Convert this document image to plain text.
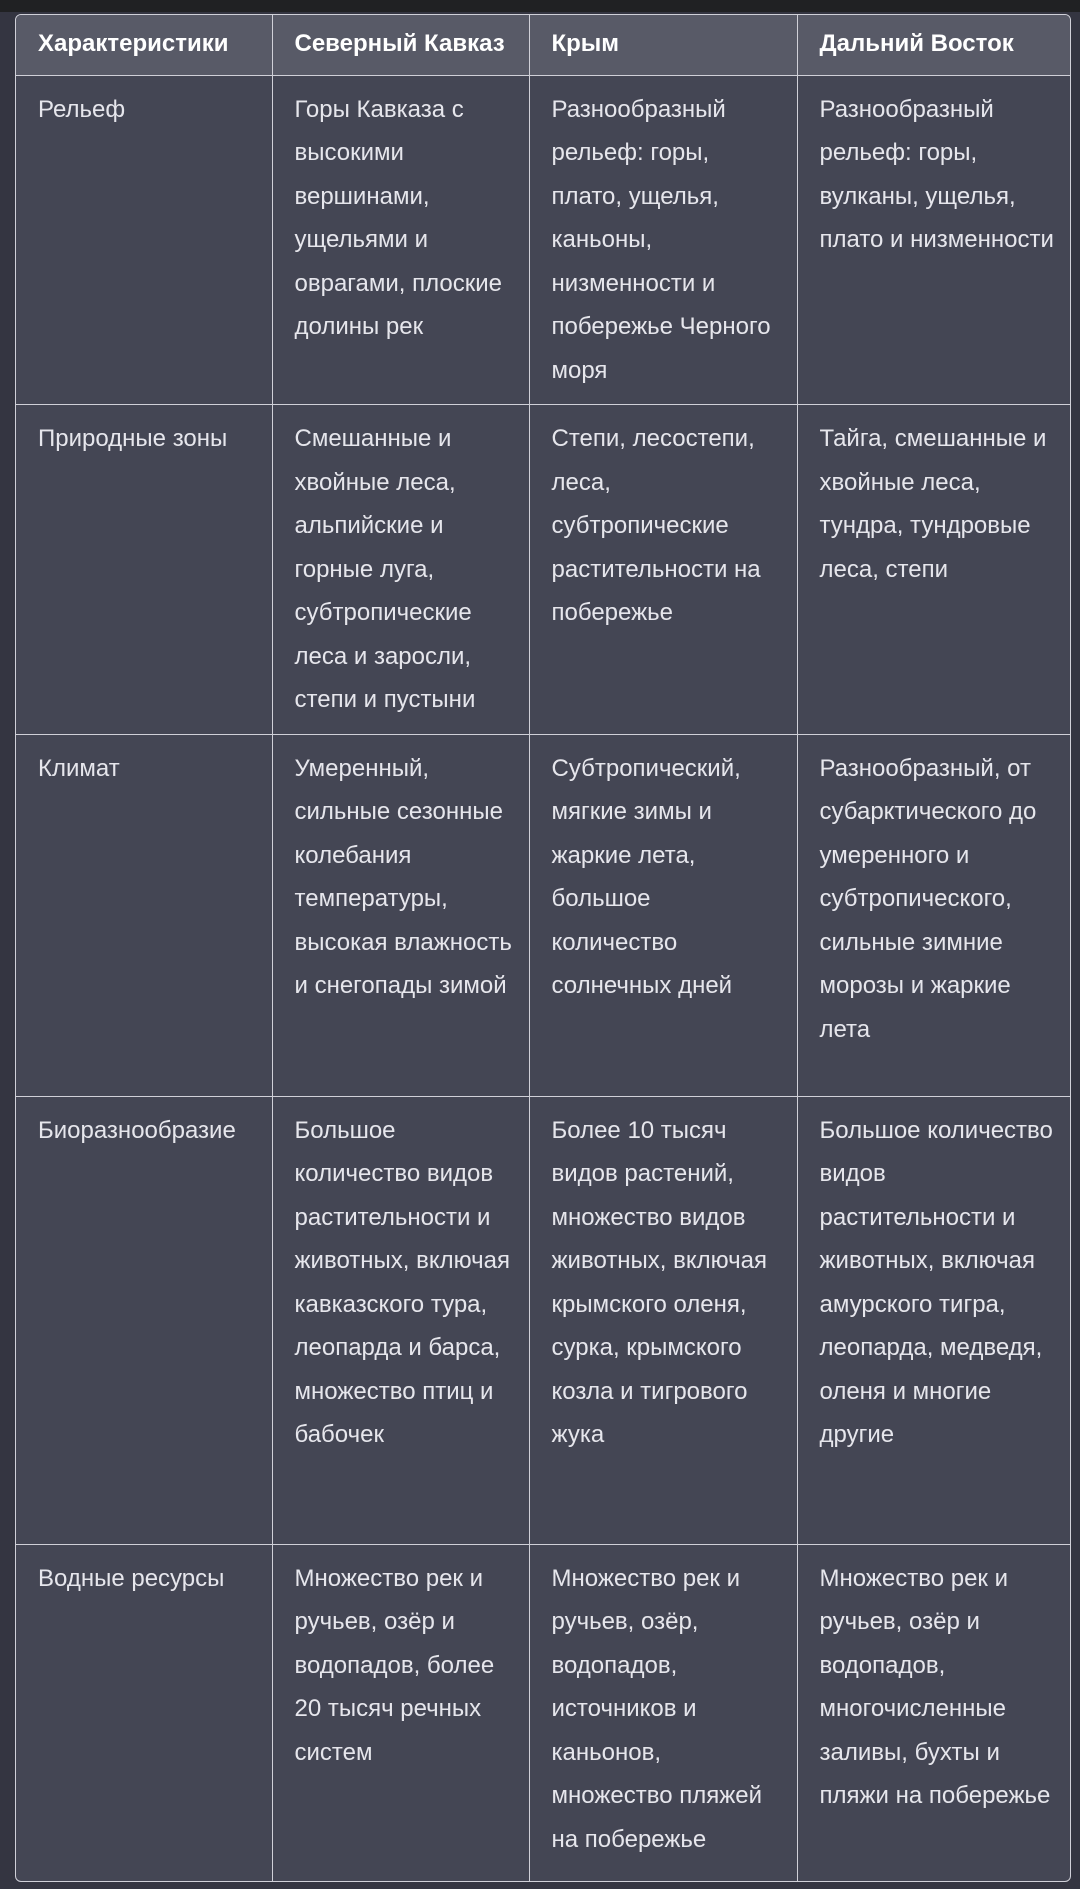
Характеристики	Северный Кавказ	Крым	Дальний Восток
Рельеф	Горы Кавказа с высокими вершинами, ущельями и оврагами, плоские долины рек	Разнообразный рельеф: горы, плато, ущелья, каньоны, низменности и побережье Черного моря	Разнообразный рельеф: горы, вулканы, ущелья, плато и низменности
Природные зоны	Смешанные и хвойные леса, альпийские и горные луга, субтропические леса и заросли, степи и пустыни	Степи, лесостепи, леса, субтропические растительности на побережье	Тайга, смешанные и хвойные леса, тундра, тундровые леса, степи
Климат	Умеренный, сильные сезонные колебания температуры, высокая влажность и снегопады зимой	Субтропический, мягкие зимы и жаркие лета, большое количество солнечных дней	Разнообразный, от субарктического до умеренного и субтропического, сильные зимние морозы и жаркие лета
Биоразнообразие	Большое количество видов растительности и животных, включая кавказского тура, леопарда и барса, множество птиц и бабочек	Более 10 тысяч видов растений, множество видов животных, включая крымского оленя, сурка, крымского козла и тигрового жука	Большое количество видов растительности и животных, включая амурского тигра, леопарда, медведя, оленя и многие другие
Водные ресурсы	Множество рек и ручьев, озёр и водопадов, более 20 тысяч речных систем	Множество рек и ручьев, озёр, водопадов, источников и каньонов, множество пляжей на побережье	Множество рек и ручьев, озёр и водопадов, многочисленные заливы, бухты и пляжи на побережье
